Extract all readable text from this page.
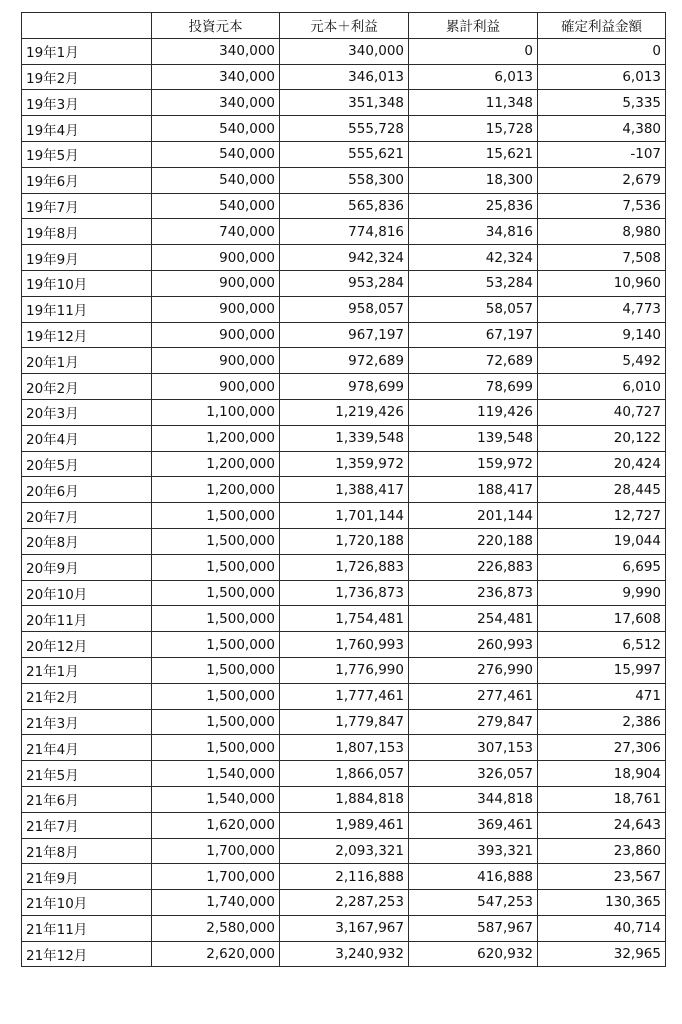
	投資元本	元本＋利益	累計利益	確定利益金額
19年1月	340,000	340,000	0	0
19年2月	340,000	346,013	6,013	6,013
19年3月	340,000	351,348	11,348	5,335
19年4月	540,000	555,728	15,728	4,380
19年5月	540,000	555,621	15,621	-107
19年6月	540,000	558,300	18,300	2,679
19年7月	540,000	565,836	25,836	7,536
19年8月	740,000	774,816	34,816	8,980
19年9月	900,000	942,324	42,324	7,508
19年10月	900,000	953,284	53,284	10,960
19年11月	900,000	958,057	58,057	4,773
19年12月	900,000	967,197	67,197	9,140
20年1月	900,000	972,689	72,689	5,492
20年2月	900,000	978,699	78,699	6,010
20年3月	1,100,000	1,219,426	119,426	40,727
20年4月	1,200,000	1,339,548	139,548	20,122
20年5月	1,200,000	1,359,972	159,972	20,424
20年6月	1,200,000	1,388,417	188,417	28,445
20年7月	1,500,000	1,701,144	201,144	12,727
20年8月	1,500,000	1,720,188	220,188	19,044
20年9月	1,500,000	1,726,883	226,883	6,695
20年10月	1,500,000	1,736,873	236,873	9,990
20年11月	1,500,000	1,754,481	254,481	17,608
20年12月	1,500,000	1,760,993	260,993	6,512
21年1月	1,500,000	1,776,990	276,990	15,997
21年2月	1,500,000	1,777,461	277,461	471
21年3月	1,500,000	1,779,847	279,847	2,386
21年4月	1,500,000	1,807,153	307,153	27,306
21年5月	1,540,000	1,866,057	326,057	18,904
21年6月	1,540,000	1,884,818	344,818	18,761
21年7月	1,620,000	1,989,461	369,461	24,643
21年8月	1,700,000	2,093,321	393,321	23,860
21年9月	1,700,000	2,116,888	416,888	23,567
21年10月	1,740,000	2,287,253	547,253	130,365
21年11月	2,580,000	3,167,967	587,967	40,714
21年12月	2,620,000	3,240,932	620,932	32,965
